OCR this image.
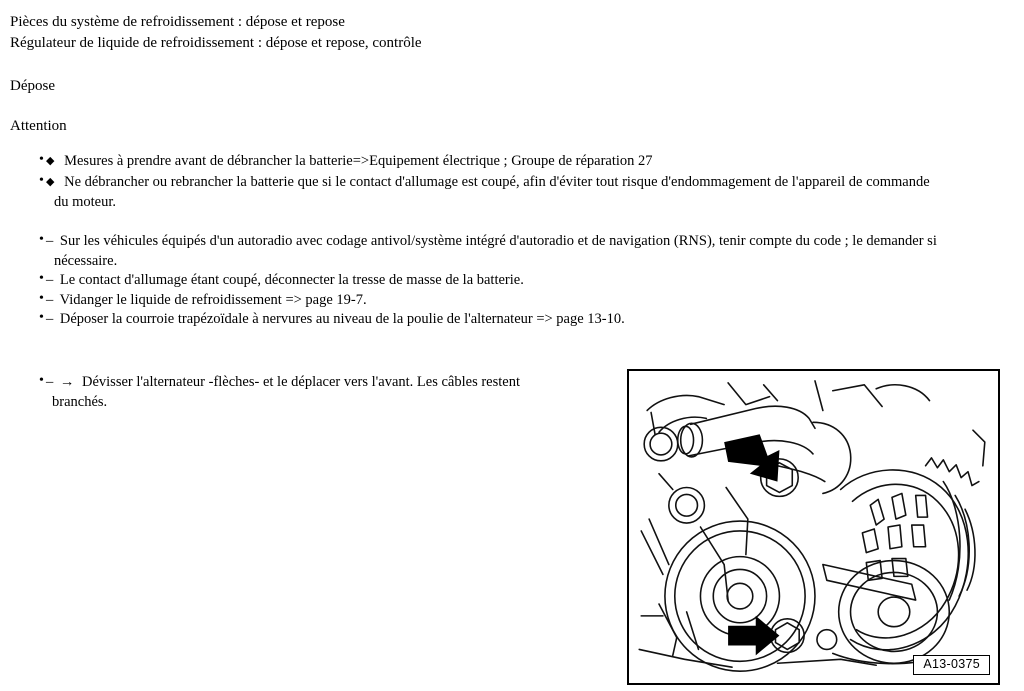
Pièces du système de refroidissement : dépose et repose
Régulateur de liquide de refroidissement : dépose et repose, contrôle
Dépose
Attention
◆ Mesures à prendre avant de débrancher la batterie=>Equipement électrique ; Groupe de réparation 27
◆ Ne débrancher ou rebrancher la batterie que si le contact d'allumage est coupé, afin d'éviter tout risque d'endommagement de l'appareil de commande
du moteur.
– Sur les véhicules équipés d'un autoradio avec codage antivol/système intégré d'autoradio et de navigation (RNS), tenir compte du code ; le demander si
nécessaire.
– Le contact d'allumage étant coupé, déconnecter la tresse de masse de la batterie.
– Vidanger le liquide de refroidissement => page 19-7.
– Déposer la courroie trapézoïdale à nervures au niveau de la poulie de l'alternateur => page 13-10.
– → Dévisser l'alternateur -flèches- et le déplacer vers l'avant. Les câbles restent
branchés.
A13-0375
